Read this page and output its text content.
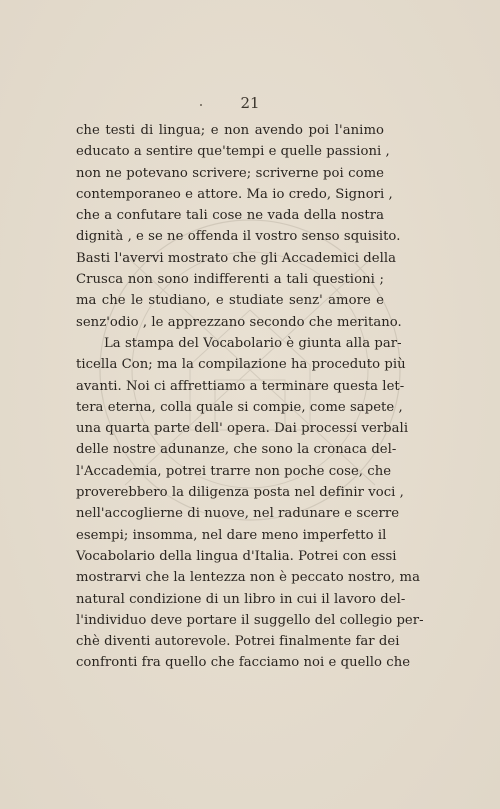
21
che testi di lingua; e non avendo poi l'animo
educato a sentire que'tempi e quelle passioni ,
non ne potevano scrivere; scriverne poi come
contemporaneo e attore. Ma io credo, Signori ,
che a confutare tali cose ne vada della nostra
dignità , e se ne offenda il vostro senso squisito.
Basti l'avervi mostrato che gli Accademici della
Crusca non sono indifferenti a tali questioni ;
ma che le studiano, e studiate senz' amore e
senz'odio , le apprezzano secondo che meritano.
La stampa del Vocabolario è giunta alla par-
ticella Con; ma la compilazione ha proceduto più
avanti. Noi ci affrettiamo a terminare questa let-
tera eterna, colla quale si compie, come sapete ,
una quarta parte dell' opera. Dai processi verbali
delle nostre adunanze, che sono la cronaca del-
l'Accademia, potrei trarre non poche cose, che
proverebbero la diligenza posta nel definir voci ,
nell'accoglierne di nuove, nel radunare e scerre
esempi; insomma, nel dare meno imperfetto il
Vocabolario della lingua d'Italia. Potrei con essi
mostrarvi che la lentezza non è peccato nostro, ma
natural condizione di un libro in cui il lavoro del-
l'individuo deve portare il suggello del collegio per-
chè diventi autorevole. Potrei finalmente far dei
confronti fra quello che facciamo noi e quello che
